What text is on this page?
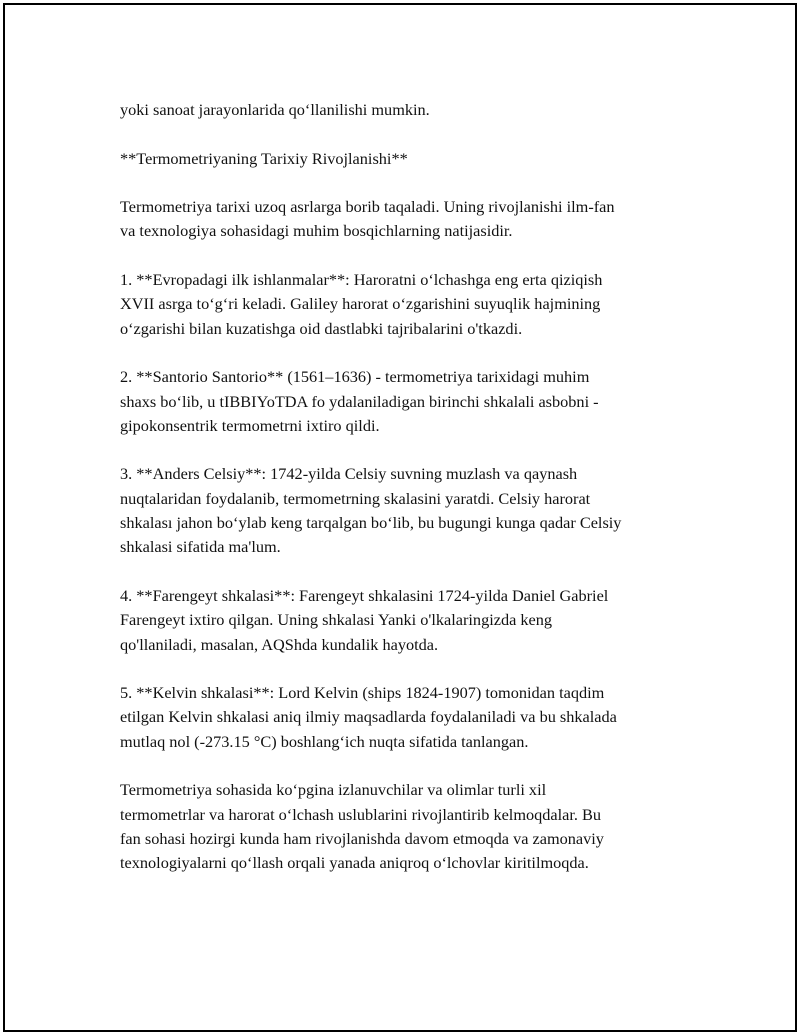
yoki sanoat jarayonlarida qo‘llanilishi mumkin.

**Termometriyaning Tarixiy Rivojlanishi**

Termometriya tarixi uzoq asrlarga borib taqaladi. Uning rivojlanishi ilm-fan
va texnologiya sohasidagi muhim bosqichlarning natijasidir.

1. **Evropadagi ilk ishlanmalar**: Haroratni o‘lchashga eng erta qiziqish
XVII asrga to‘g‘ri keladi. Galiley harorat o‘zgarishini suyuqlik hajmining
o‘zgarishi bilan kuzatishga oid dastlabki tajribalarini o'tkazdi.

2. **Santorio Santorio** (1561–1636) - termometriya tarixidagi muhim
shaxs bo‘lib, u tIBBIYoTDA fo ydalaniladigan birinchi shkalali asbobni -
gipokonsentrik termometrni ixtiro qildi.

3. **Anders Celsiy**: 1742-yilda Celsiy suvning muzlash va qaynash
nuqtalaridan foydalanib, termometrning skalasini yaratdi. Celsiy harorat
shkalası jahon bo‘ylab keng tarqalgan bo‘lib, bu bugungi kunga qadar Celsiy
shkalasi sifatida ma'lum.

4. **Farengeyt shkalasi**: Farengeyt shkalasini 1724-yilda Daniel Gabriel
Farengeyt ixtiro qilgan. Uning shkalasi Yanki o'lkalaringizda keng
qo'llaniladi, masalan, AQShda kundalik hayotda.

5. **Kelvin shkalasi**: Lord Kelvin (ships 1824-1907) tomonidan taqdim
etilgan Kelvin shkalasi aniq ilmiy maqsadlarda foydalaniladi va bu shkalada
mutlaq nol (-273.15 °C) boshlang‘ich nuqta sifatida tanlangan.

Termometriya sohasida ko‘pgina izlanuvchilar va olimlar turli xil
termometrlar va harorat o‘lchash uslublarini rivojlantirib kelmoqdalar. Bu
fan sohasi hozirgi kunda ham rivojlanishda davom etmoqda va zamonaviy
texnologiyalarni qo‘llash orqali yanada aniqroq o‘lchovlar kiritilmoqda.
